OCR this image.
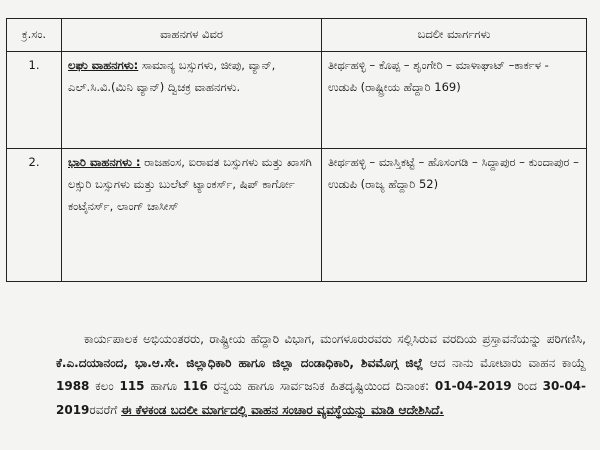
ಕ್ರ.ಸಂ.	ವಾಹನಗಳ ವಿವರ	ಬದಲೀ ಮಾರ್ಗಗಳು
1.	ಲಘು ವಾಹನಗಳು: ಸಾಮಾನ್ಯ ಬಸ್ಸುಗಳು, ಜೀಪು, ವ್ಯಾನ್, ಎಲ್.ಸಿ.ವಿ.(ಮಿನಿ ವ್ಯಾನ್) ದ್ವಿಚಕ್ರ ವಾಹನಗಳು.	ತೀರ್ಥಹಳ್ಳಿ – ಕೊಪ್ಪ – ಶೃಂಗೇರಿ – ಮಾಳಾಘಾಟ್ –ಕಾರ್ಕಳ - ಉಡುಪಿ (ರಾಷ್ಟ್ರೀಯ ಹೆದ್ದಾರಿ 169)
2.	ಭಾರಿ ವಾಹನಗಳು : ರಾಜಹಂಸ, ಐರಾವತ ಬಸ್ಸುಗಳು ಮತ್ತು ಖಾಸಗಿ ಲಕ್ಸುರಿ ಬಸ್ಸುಗಳು ಮತ್ತು ಬುಲೆಟ್ ಟ್ಯಾಂಕರ್ಸ್, ಷಿಪ್ ಕಾರ್ಗೋ ಕಂಟೈನರ್ಸ್, ಲಾಂಗ್ ಚಾಸೀಸ್	ತೀರ್ಥಹಳ್ಳಿ – ಮಾಸ್ತಿಕಟ್ಟೆ – ಹೊಸಂಗಡಿ – ಸಿದ್ದಾಪುರ – ಕುಂದಾಪುರ – ಉಡುಪಿ (ರಾಜ್ಯ ಹೆದ್ದಾರಿ 52)

ಕಾರ್ಯಪಾಲಕ ಅಭಿಯಂತರರು, ರಾಷ್ಟ್ರೀಯ ಹೆದ್ದಾರಿ ವಿಭಾಗ, ಮಂಗಳೂರುರವರು ಸಲ್ಲಿಸಿರುವ ವರದಿಯ ಪ್ರಸ್ತಾವನೆಯನ್ನು ಪರಿಗಣಿಸಿ, ಕೆ.ಎ.ದಯಾನಂದ, ಭಾ.ಆ.ಸೇ. ಜಿಲ್ಲಾಧಿಕಾರಿ ಹಾಗೂ ಜಿಲ್ಲಾ ದಂಡಾಧಿಕಾರಿ, ಶಿವಮೊಗ್ಗ ಜಿಲ್ಲೆ ಆದ ನಾನು ಮೋಟಾರು ವಾಹನ ಕಾಯ್ದೆ 1988 ಕಲಂ 115 ಹಾಗೂ 116 ರನ್ವಯ ಹಾಗೂ ಸಾರ್ವಜನಿಕ ಹಿತದೃಷ್ಟಿಯಿಂದ ದಿನಾಂಕ: 01-04-2019 ರಿಂದ 30-04-2019ರವರೆಗೆ ಈ ಕೆಳಕಂಡ ಬದಲೀ ಮಾರ್ಗದಲ್ಲಿ ವಾಹನ ಸಂಚಾರ ವ್ಯವಸ್ಥೆಯನ್ನು ಮಾಡಿ ಆದೇಶಿಸಿದೆ.
